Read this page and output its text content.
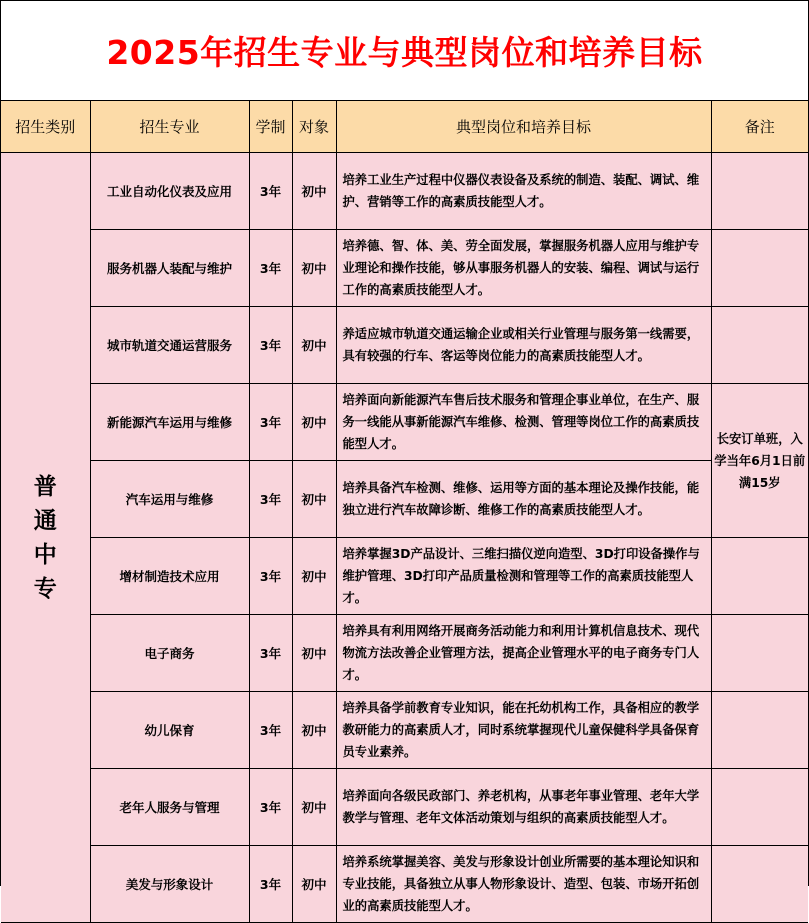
2025年招生专业与典型岗位和培养目标
招生类别	招生专业	学制	对象	典型岗位和培养目标	备注

普
通
中
专	工业自动化仪表及应用	3年	初中	培养工业生产过程中仪器仪表设备及系统的制造、装配、调试、维护、营销等工作的高素质技能型人才。	
	服务机器人装配与维护	3年	初中	培养德、智、体、美、劳全面发展，掌握服务机器人应用与维护专业理论和操作技能，够从事服务机器人的安装、编程、调试与运行工作的高素质技能型人才。	
	城市轨道交通运营服务	3年	初中	养适应城市轨道交通运输企业或相关行业管理与服务第一线需要，具有较强的行车、客运等岗位能力的高素质技能型人才。	
	新能源汽车运用与维修	3年	初中	培养面向新能源汽车售后技术服务和管理企事业单位，在生产、服务一线能从事新能源汽车维修、检测、管理等岗位工作的高素质技能型人才。	长安订单班，入学当年6月1日前满15岁
	汽车运用与维修	3年	初中	培养具备汽车检测、维修、运用等方面的基本理论及操作技能，能独立进行汽车故障诊断、维修工作的高素质技能型人才。	
	增材制造技术应用	3年	初中	培养掌握3D产品设计、三维扫描仪逆向造型、3D打印设备操作与维护管理、3D打印产品质量检测和管理等工作的高素质技能型人才。	
	电子商务	3年	初中	培养具有利用网络开展商务活动能力和利用计算机信息技术、现代物流方法改善企业管理方法，提高企业管理水平的电子商务专门人才。	
	幼儿保育	3年	初中	培养具备学前教育专业知识，能在托幼机构工作，具备相应的教学教研能力的高素质人才，同时系统掌握现代儿童保健科学具备保育员专业素养。	
	老年人服务与管理	3年	初中	培养面向各级民政部门、养老机构，从事老年事业管理、老年大学教学与管理、老年文体活动策划与组织的高素质技能型人才。	
	美发与形象设计	3年	初中	培养系统掌握美容、美发与形象设计创业所需要的基本理论知识和专业技能，具备独立从事人物形象设计、造型、包装、市场开拓创业的高素质技能型人才。	
